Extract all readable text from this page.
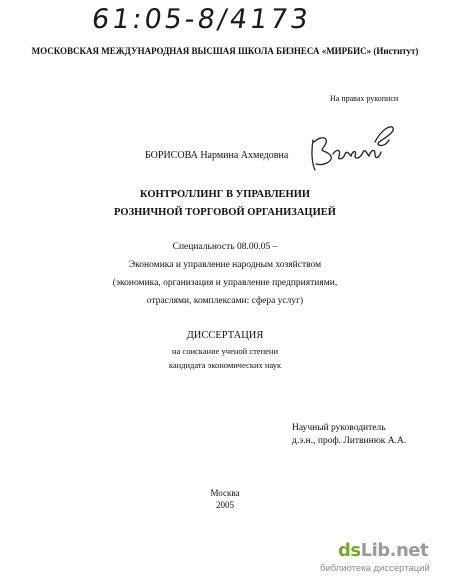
61:05-8/4173
МОСКОВСКАЯ МЕЖДУНАРОДНАЯ ВЫСШАЯ ШКОЛА БИЗНЕСА «МИРБИС» (Институт)
На правах рукописи
БОРИСОВА Нармина Ахмедовна
КОНТРОЛЛИНГ В УПРАВЛЕНИИ
РОЗНИЧНОЙ ТОРГОВОЙ ОРГАНИЗАЦИЕЙ
Специальность 08.00.05 –
Экономика и управление народным хозяйством
(экономика, организация и управление предприятиями,
отраслями, комплексами: сфера услуг)
ДИССЕРТАЦИЯ
на соискание ученой степени
кандидата экономических наук
Научный руководитель
д.э.н., проф. Литвинюк А.А.
Москва
2005
dsLib.net
библиотека диссертаций
